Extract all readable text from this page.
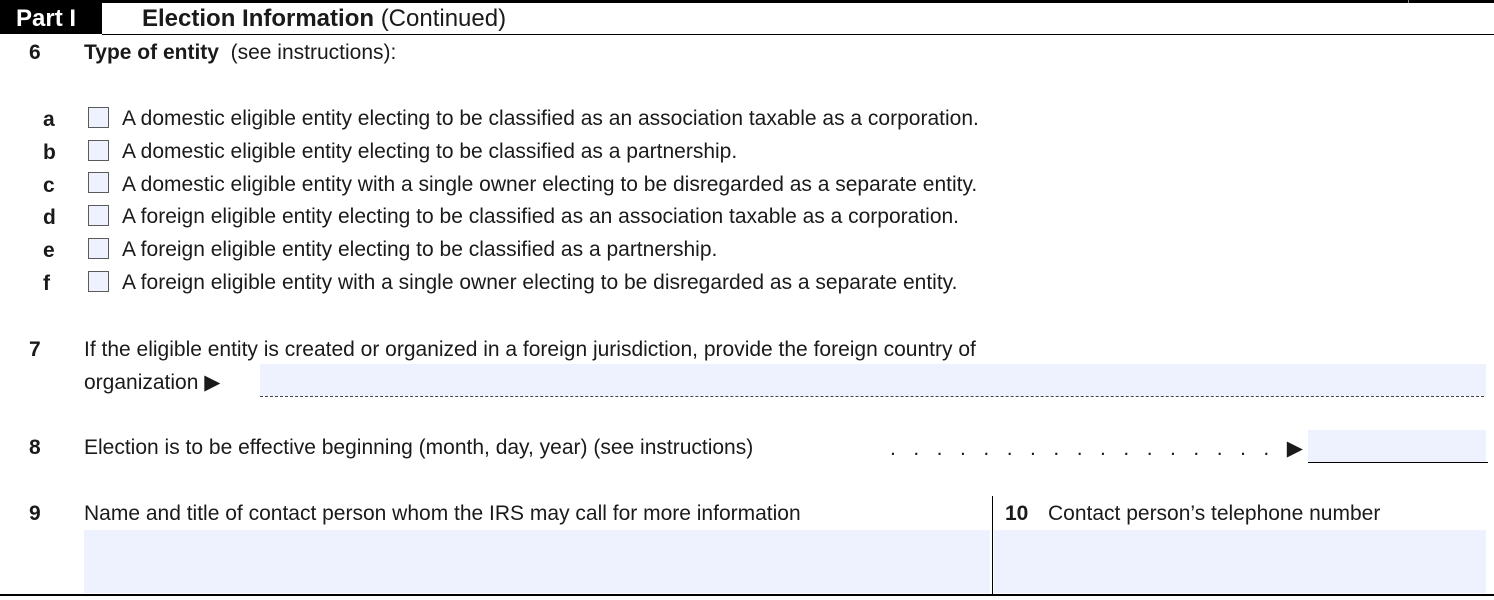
Part I	Election Information (Continued)
6 Type of entity (see instructions):
a	A domestic eligible entity electing to be classified as an association taxable as a corporation.
b	A domestic eligible entity electing to be classified as a partnership.
c	A domestic eligible entity with a single owner electing to be disregarded as a separate entity.
d	A foreign eligible entity electing to be classified as an association taxable as a corporation.
e	A foreign eligible entity electing to be classified as a partnership.
f	A foreign eligible entity with a single owner electing to be disregarded as a separate entity.
7 If the eligible entity is created or organized in a foreign jurisdiction, provide the foreign country of
organization ▶
8 Election is to be effective beginning (month, day, year) (see instructions)	.   .   .   .   .   .   .   .   .   .   .   .   .   .   .   .   .   ▶
9 Name and title of contact person whom the IRS may call for more information	10 Contact person’s telephone number
